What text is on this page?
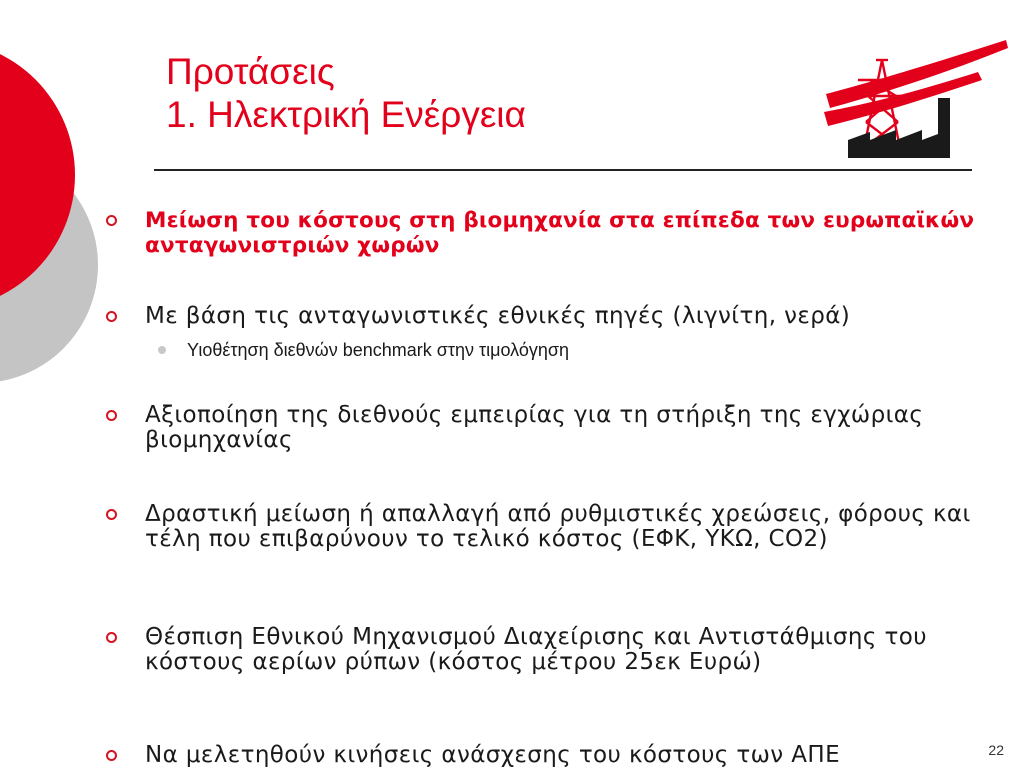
Προτάσεις
1. Ηλεκτρική Ενέργεια
Μείωση του κόστους στη βιομηχανία στα επίπεδα των ευρωπαϊκών ανταγωνιστριών χωρών
Με βάση τις ανταγωνιστικές εθνικές πηγές (λιγνίτη, νερά)
Υιοθέτηση διεθνών benchmark στην τιμολόγηση
Αξιοποίηση της διεθνούς εμπειρίας για τη στήριξη της εγχώριας βιομηχανίας
Δραστική μείωση ή απαλλαγή από ρυθμιστικές χρεώσεις, φόρους και τέλη που επιβαρύνουν το τελικό κόστος (ΕΦΚ, ΥΚΩ, CO2)
Θέσπιση Εθνικού Μηχανισμού Διαχείρισης και Αντιστάθμισης του κόστους αερίων ρύπων (κόστος μέτρου 25εκ Ευρώ)
Να μελετηθούν κινήσεις ανάσχεσης του κόστους των ΑΠΕ	22
